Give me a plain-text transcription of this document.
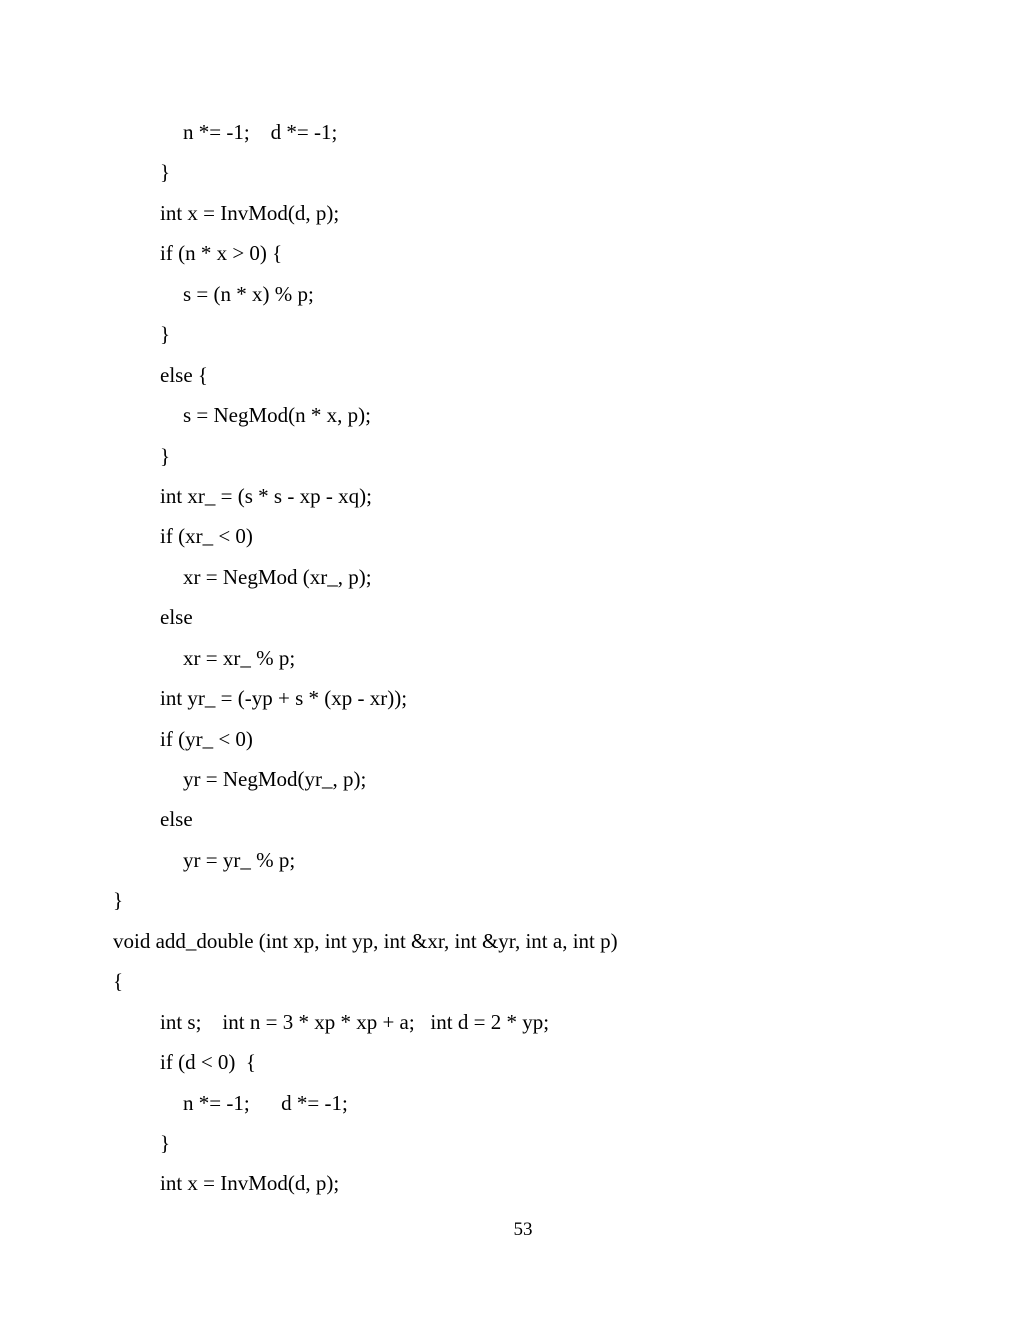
n *= -1;    d *= -1;
}
int x = InvMod(d, p);
if (n * x > 0) {
s = (n * x) % p;
}
else {
s = NegMod(n * x, p);
}
int xr_ = (s * s - xp - xq);
if (xr_ < 0)
xr = NegMod (xr_, p);
else
xr = xr_ % p;
int yr_ = (-yp + s * (xp - xr));
if (yr_ < 0)
yr = NegMod(yr_, p);
else
yr = yr_ % p;
}
void add_double (int xp, int yp, int &xr, int &yr, int a, int p)
{
int s;    int n = 3 * xp * xp + a;   int d = 2 * yp;
if (d < 0)  {
n *= -1;      d *= -1;
}
int x = InvMod(d, p);
53
